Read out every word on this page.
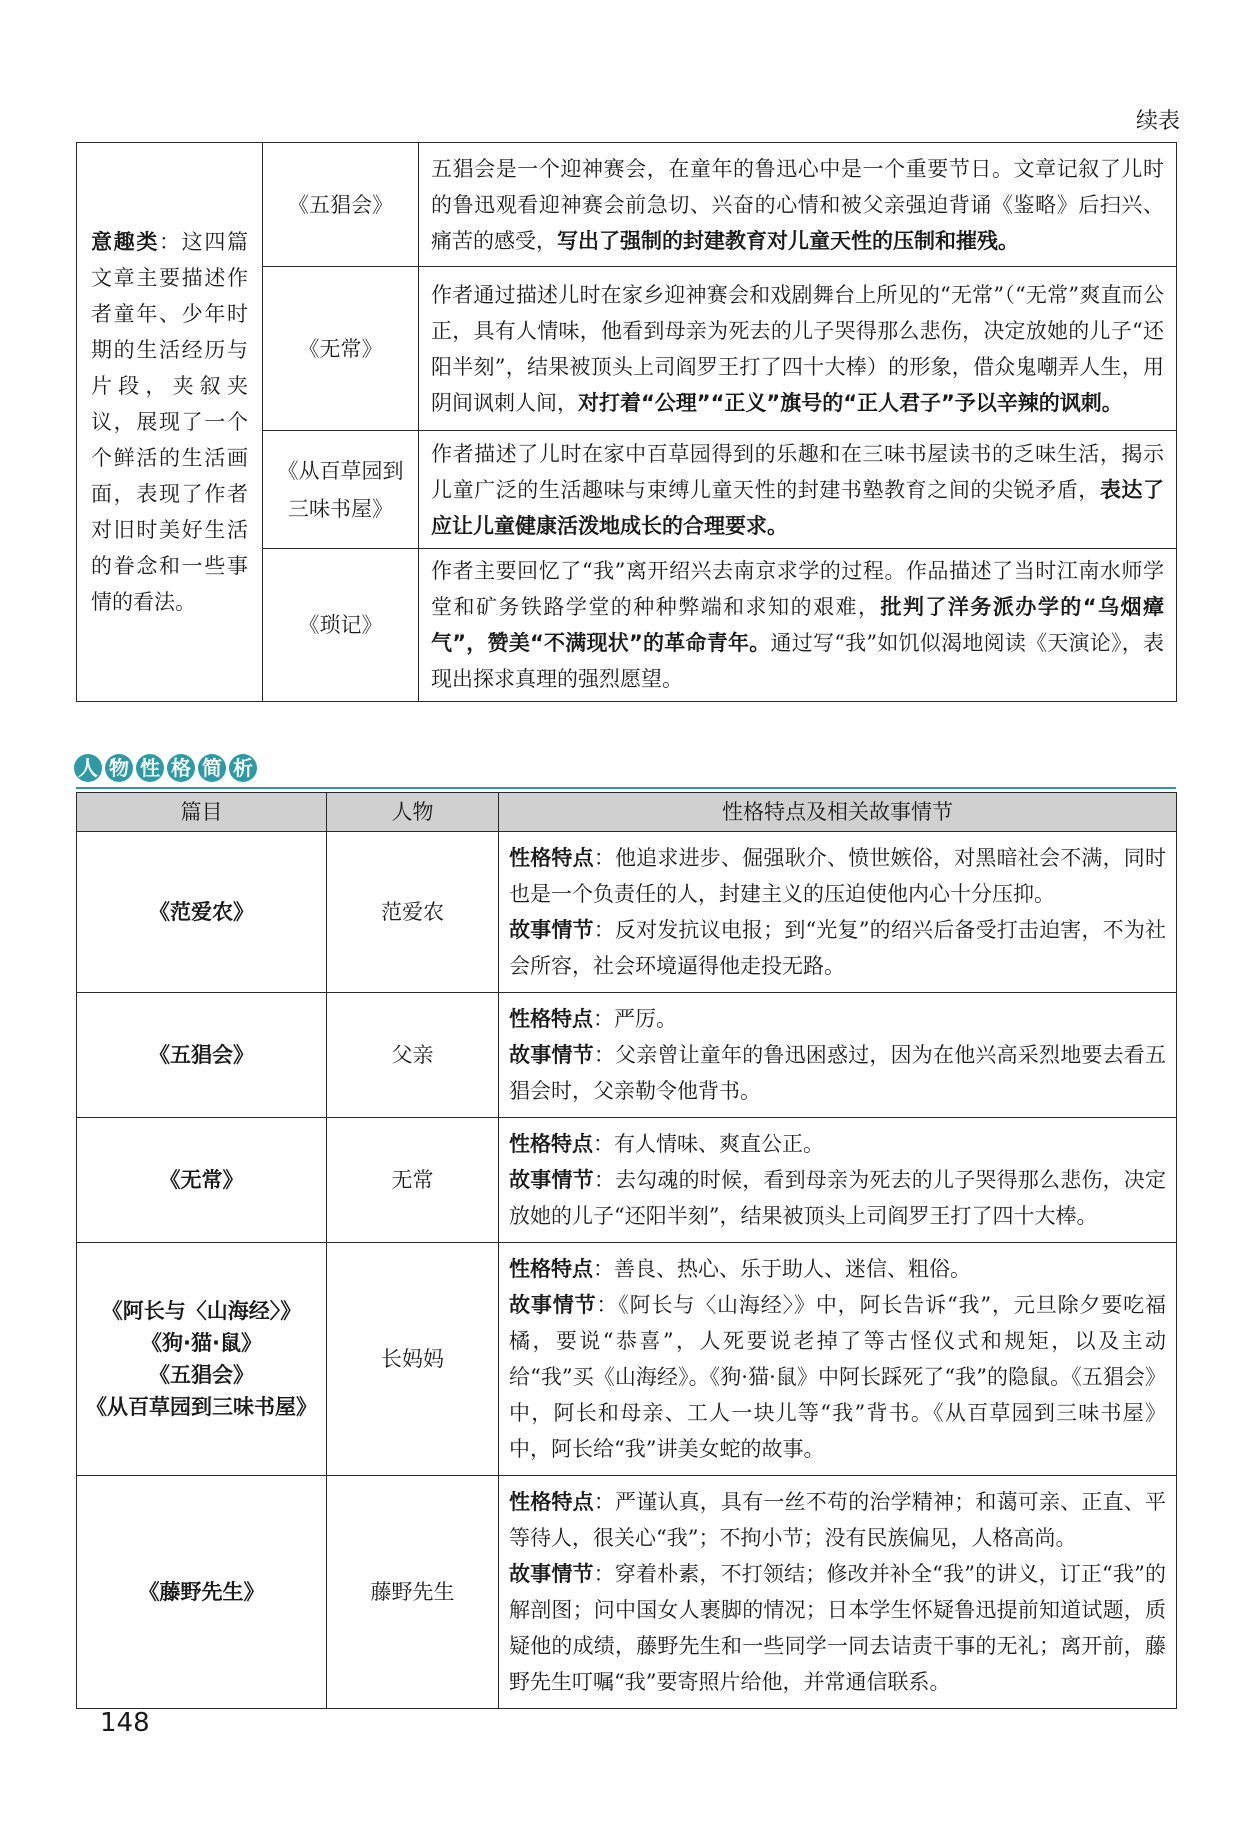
续表
意趣类：这四篇文章主要描述作者童年、少年时期的生活经历与片段，夹叙夹议，展现了一个个鲜活的生活画面，表现了作者对旧时美好生活的眷念和一些事情的看法。	《五猖会》	五猖会是一个迎神赛会，在童年的鲁迅心中是一个重要节日。文章记叙了儿时的鲁迅观看迎神赛会前急切、兴奋的心情和被父亲强迫背诵《鉴略》后扫兴、痛苦的感受，写出了强制的封建教育对儿童天性的压制和摧残。
	《无常》	作者通过描述儿时在家乡迎神赛会和戏剧舞台上所见的“无常”（“无常”爽直而公正，具有人情味，他看到母亲为死去的儿子哭得那么悲伤，决定放她的儿子“还阳半刻”，结果被顶头上司阎罗王打了四十大棒）的形象，借众鬼嘲弄人生，用阴间讽刺人间，对打着“公理”“正义”旗号的“正人君子”予以辛辣的讽刺。
	《从百草园到三味书屋》	作者描述了儿时在家中百草园得到的乐趣和在三味书屋读书的乏味生活，揭示儿童广泛的生活趣味与束缚儿童天性的封建书塾教育之间的尖锐矛盾，表达了应让儿童健康活泼地成长的合理要求。
	《琐记》	作者主要回忆了“我”离开绍兴去南京求学的过程。作品描述了当时江南水师学堂和矿务铁路学堂的种种弊端和求知的艰难，批判了洋务派办学的“乌烟瘴气”，赞美“不满现状”的革命青年。通过写“我”如饥似渴地阅读《天演论》，表现出探求真理的强烈愿望。
人 物 性 格 简 析
篇目	人物	性格特点及相关故事情节

《范爱农》	范爱农	性格特点：他追求进步、倔强耿介、愤世嫉俗，对黑暗社会不满，同时也是一个负责任的人，封建主义的压迫使他内心十分压抑。
故事情节：反对发抗议电报；到“光复”的绍兴后备受打击迫害，不为社会所容，社会环境逼得他走投无路。

《五猖会》	父亲	性格特点：严厉。
故事情节：父亲曾让童年的鲁迅困惑过，因为在他兴高采烈地要去看五猖会时，父亲勒令他背书。

《无常》	无常	性格特点：有人情味、爽直公正。
故事情节：去勾魂的时候，看到母亲为死去的儿子哭得那么悲伤，决定放她的儿子“还阳半刻”，结果被顶头上司阎罗王打了四十大棒。

《阿长与〈山海经〉》
《狗·猫·鼠》
《五猖会》
《从百草园到三味书屋》	长妈妈	性格特点：善良、热心、乐于助人、迷信、粗俗。
故事情节：《阿长与〈山海经〉》中，阿长告诉“我”，元旦除夕要吃福橘，要说“恭喜”，人死要说老掉了等古怪仪式和规矩，以及主动给“我”买《山海经》。《狗·猫·鼠》中阿长踩死了“我”的隐鼠。《五猖会》中，阿长和母亲、工人一块儿等“我”背书。《从百草园到三味书屋》中，阿长给“我”讲美女蛇的故事。

《藤野先生》	藤野先生	性格特点：严谨认真，具有一丝不苟的治学精神；和蔼可亲、正直、平等待人，很关心“我”；不拘小节；没有民族偏见，人格高尚。
故事情节：穿着朴素，不打领结；修改并补全“我”的讲义，订正“我”的解剖图；问中国女人裹脚的情况；日本学生怀疑鲁迅提前知道试题，质疑他的成绩，藤野先生和一些同学一同去诘责干事的无礼；离开前，藤野先生叮嘱“我”要寄照片给他，并常通信联系。
148
